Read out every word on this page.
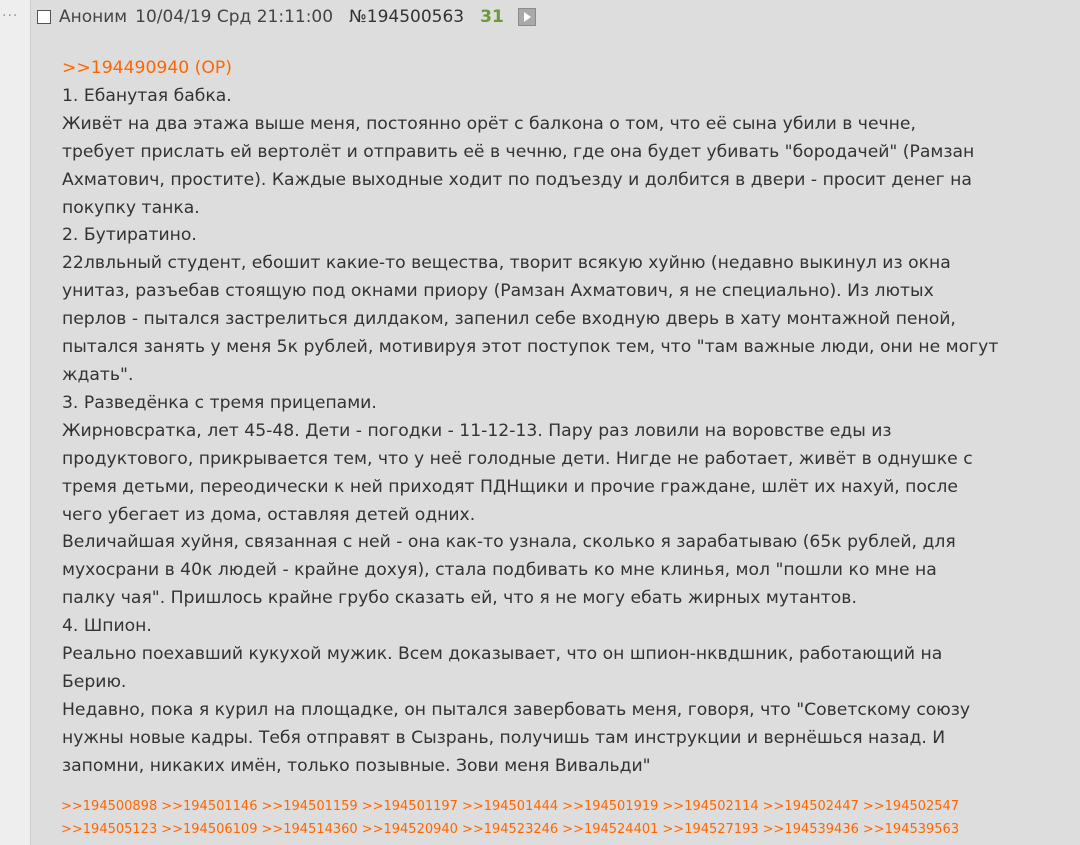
··· Аноним 10/04/19 Срд 21:11:00 №194500563 31
>>194490940 (OP)
1. Ебанутая бабка.
Живёт на два этажа выше меня, постоянно орёт с балкона о том, что её сына убили в чечне,
требует прислать ей вертолёт и отправить её в чечню, где она будет убивать "бородачей" (Рамзан
Ахматович, простите). Каждые выходные ходит по подъезду и долбится в двери - просит денег на
покупку танка.
2. Бутиратино.
22лвльный студент, ебошит какие-то вещества, творит всякую хуйню (недавно выкинул из окна
унитаз, разъебав стоящую под окнами приору (Рамзан Ахматович, я не специально). Из лютых
перлов - пытался застрелиться дилдаком, запенил себе входную дверь в хату монтажной пеной,
пытался занять у меня 5к рублей, мотивируя этот поступок тем, что "там важные люди, они не могут
ждать".
3. Разведёнка с тремя прицепами.
Жирновсратка, лет 45-48. Дети - погодки - 11-12-13. Пару раз ловили на воровстве еды из
продуктового, прикрывается тем, что у неё голодные дети. Нигде не работает, живёт в однушке с
тремя детьми, переодически к ней приходят ПДНщики и прочие граждане, шлёт их нахуй, после
чего убегает из дома, оставляя детей одних.
Величайшая хуйня, связанная с ней - она как-то узнала, сколько я зарабатываю (65к рублей, для
мухосрани в 40к людей - крайне дохуя), стала подбивать ко мне клинья, мол "пошли ко мне на
палку чая". Пришлось крайне грубо сказать ей, что я не могу ебать жирных мутантов.
4. Шпион.
Реально поехавший кукухой мужик. Всем доказывает, что он шпион-нквдшник, работающий на
Берию.
Недавно, пока я курил на площадке, он пытался завербовать меня, говоря, что "Советскому союзу
нужны новые кадры. Тебя отправят в Сызрань, получишь там инструкции и вернёшься назад. И
запомни, никаких имён, только позывные. Зови меня Вивальди"
>>194500898 >>194501146 >>194501159 >>194501197 >>194501444 >>194501919 >>194502114 >>194502447 >>194502547
>>194505123 >>194506109 >>194514360 >>194520940 >>194523246 >>194524401 >>194527193 >>194539436 >>194539563
